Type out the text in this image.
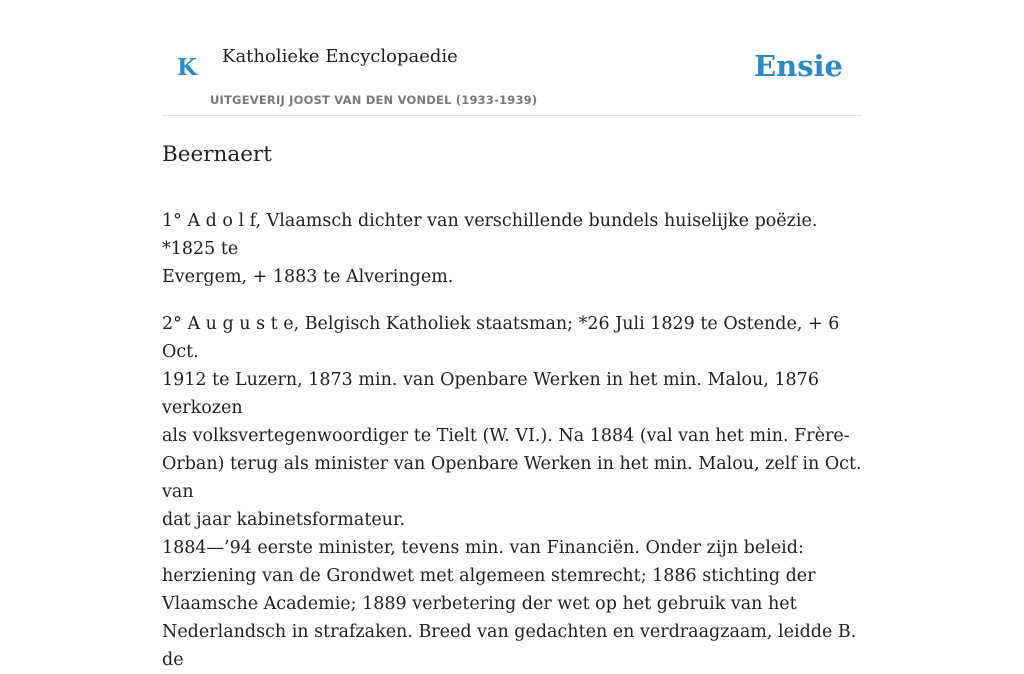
K Katholieke Encyclopaedie
UITGEVERIJ JOOST VAN DEN VONDEL (1933-1939)
Ensie
Beernaert

1° A d o l f, Vlaamsch dichter van verschillende bundels huiselijke poëzie. *1825 te
Evergem, + 1883 te Alveringem.

2° A u g u s t e, Belgisch Katholiek staatsman; *26 Juli 1829 te Ostende, + 6 Oct.
1912 te Luzern, 1873 min. van Openbare Werken in het min. Malou, 1876 verkozen
als volksvertegenwoordiger te Tielt (W. VI.). Na 1884 (val van het min. Frère-
Orban) terug als minister van Openbare Werken in het min. Malou, zelf in Oct. van
dat jaar kabinetsformateur.

1884—’94 eerste minister, tevens min. van Financiën. Onder zijn beleid:
herziening van de Grondwet met algemeen stemrecht; 1886 stichting der
Vlaamsche Academie; 1889 verbetering der wet op het gebruik van het
Nederlandsch in strafzaken. Breed van gedachten en verdraagzaam, leidde B. de
